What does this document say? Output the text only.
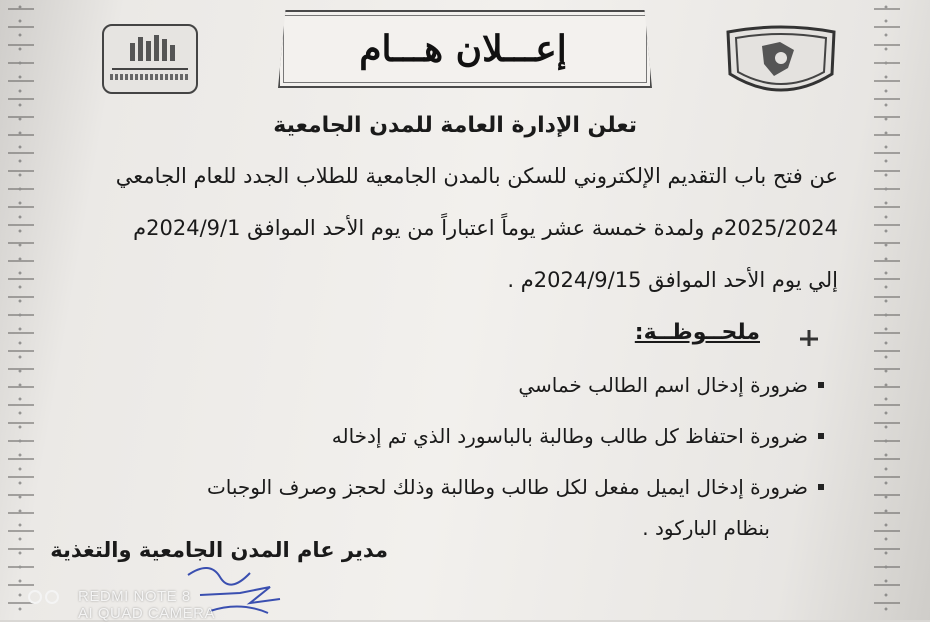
إعـــلان هـــام
تعلن الإدارة العامة للمدن الجامعية
عن فتح باب التقديم الإلكتروني للسكن بالمدن الجامعية للطلاب الجدد للعام الجامعي
2025/2024م ولمدة خمسة عشر يوماً اعتباراً من يوم الأحد الموافق 2024/9/1م
إلي يوم الأحد الموافق 2024/9/15م .
ملحــوظــة:
ضرورة إدخال اسم الطالب خماسي
ضرورة احتفاظ كل طالب وطالبة بالباسورد الذي تم إدخاله
ضرورة إدخال ايميل مفعل لكل طالب وطالبة وذلك لحجز وصرف الوجبات
بنظام الباركود .
مدير عام المدن الجامعية والتغذية
REDMI NOTE 8
AI QUAD CAMERA
